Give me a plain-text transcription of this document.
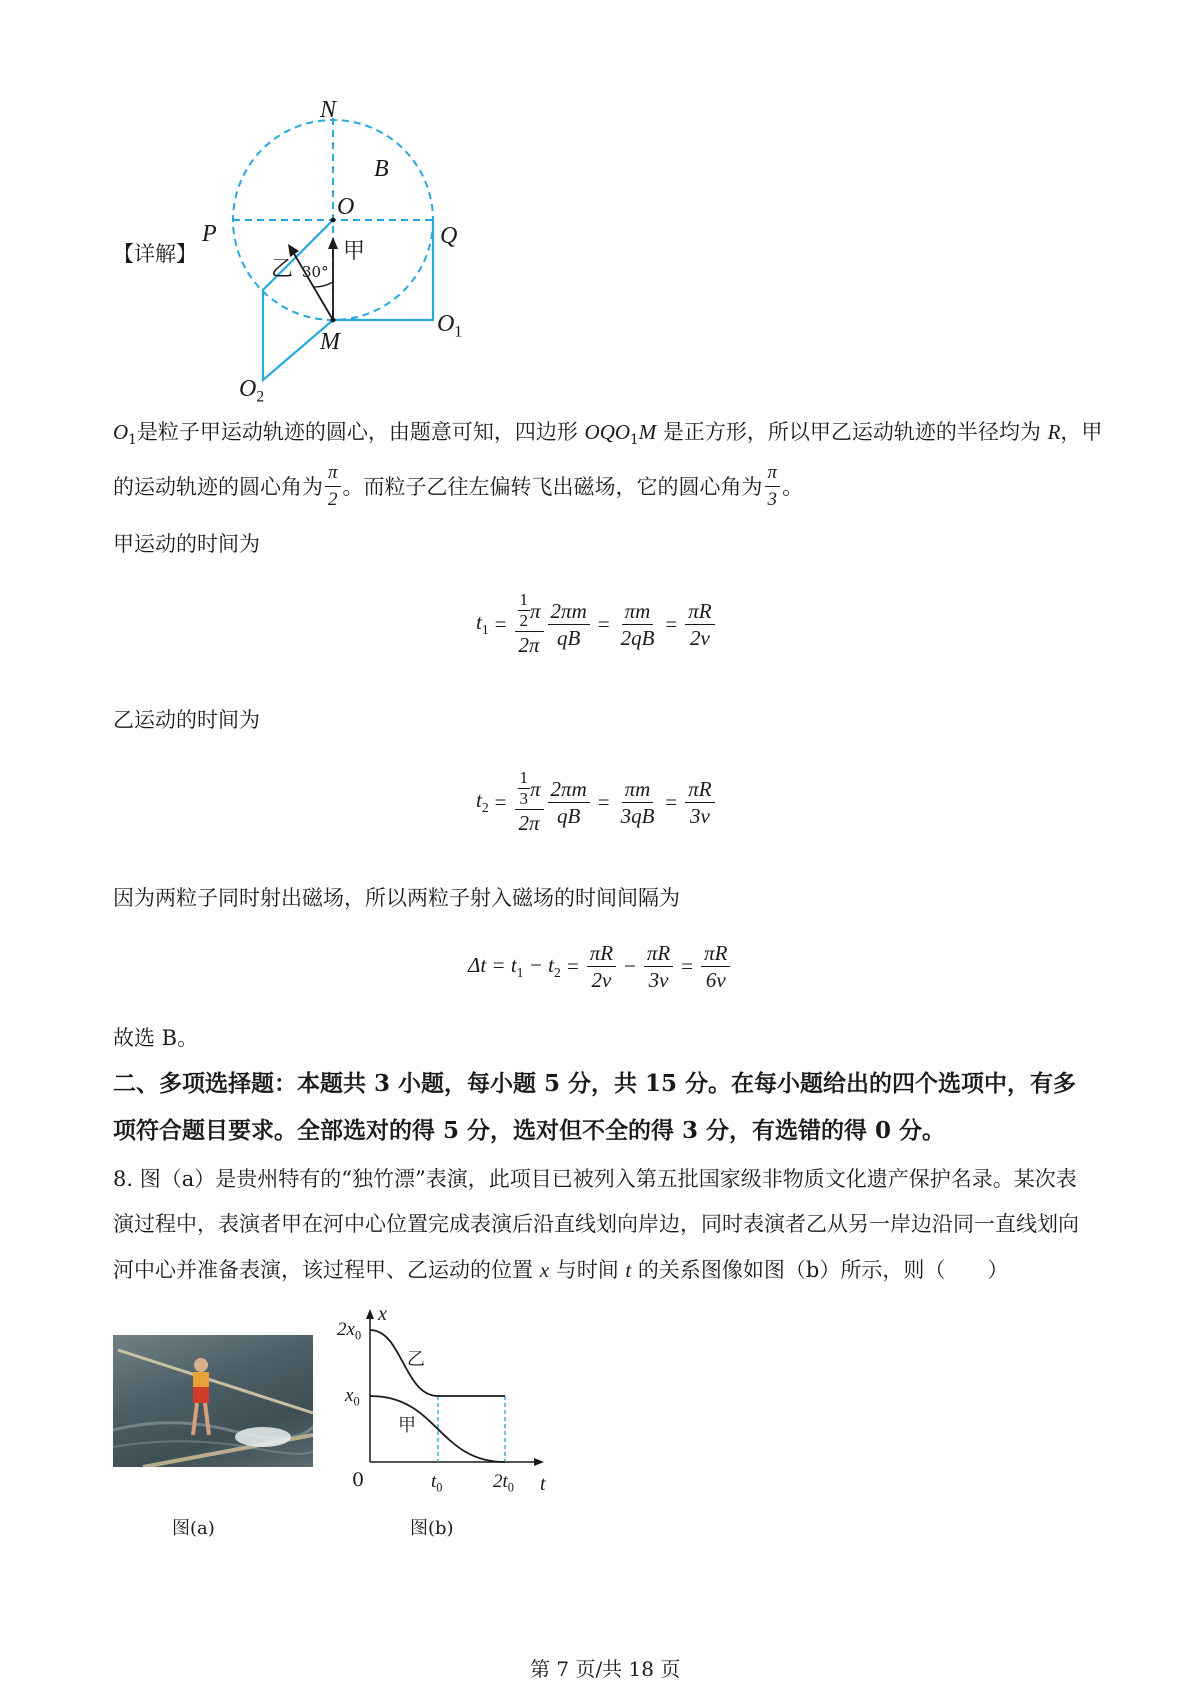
N
B
O
P	Q
甲
乙 30°
M
$O_1$
$O_2$
【详解】
$O_1$是粒子甲运动轨迹的圆心，由题意可知，四边形 $OQO_1M$ 是正方形，所以甲乙运动轨迹的半径均为 R，甲
的运动轨迹的圆心角为 $\frac{\pi}{2}$ 。而粒子乙往左偏转飞出磁场，它的圆心角为 $\frac{\pi}{3}$ 。
甲运动的时间为
$t_1 = 1$
2 π
$2\pi \frac{2\pi m}{qB} = \frac{\pi m}{2qB} = \frac{\pi R}{2v}$
乙运动的时间为
$t_2 = 1$
3 π
$2\pi \frac{2\pi m}{qB} = \frac{\pi m}{3qB} = \frac{\pi R}{3v}$
因为两粒子同时射出磁场，所以两粒子射入磁场的时间间隔为
$\Delta t = t_1 - t_2 = \frac{\pi R}{2v} - \frac{\pi R}{3v} = \frac{\pi R}{6v}$
故选 B。
二、多项选择题：本题共 3 小题，每小题 5 分，共 15 分。在每小题给出的四个选项中，有多
项符合题目要求。全部选对的得 5 分，选对但不全的得 3 分，有选错的得 0 分。
8. 图（a）是贵州特有的“独竹漂”表演，此项目已被列入第五批国家级非物质文化遗产保护名录。某次表
演过程中，表演者甲在河中心位置完成表演后沿直线划向岸边，同时表演者乙从另一岸边沿同一直线划向
河中心并准备表演，该过程甲、乙运动的位置 x 与时间 t 的关系图像如图（b）所示，则（　　）
x
t
$2x_0$
$x_0$
0	$t_0$	$2t_0$
乙
甲
图(a)	图(b)
第 7 页/共 18 页
